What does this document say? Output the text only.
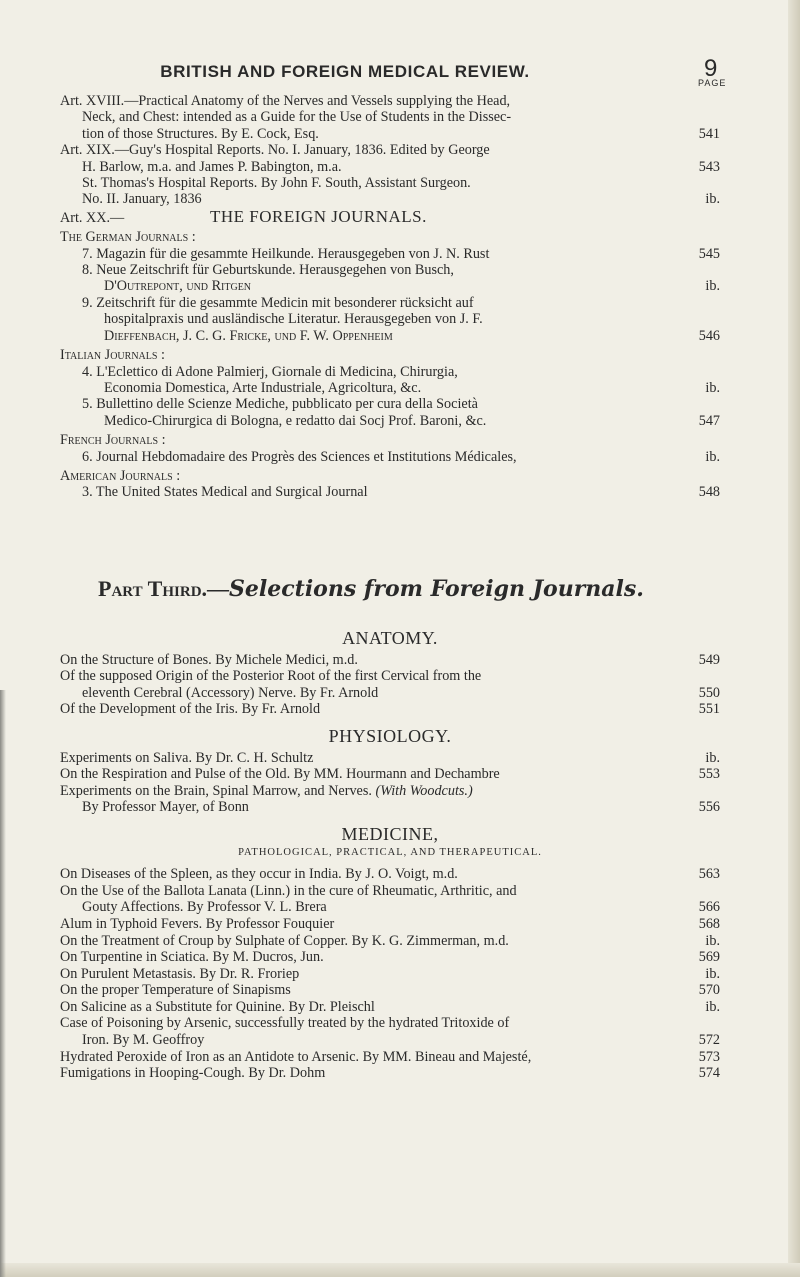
BRITISH AND FOREIGN MEDICAL REVIEW.	9
PAGE
Art. XVIII.—Practical Anatomy of the Nerves and Vessels supplying the Head,
Neck, and Chest: intended as a Guide for the Use of Students in the Dissec-
tion of those Structures. By E. Cock, Esq.	541
Art. XIX.—Guy's Hospital Reports. No. I. January, 1836. Edited by George
H. Barlow, m.a. and James P. Babington, m.a.	543
St. Thomas's Hospital Reports. By John F. South, Assistant Surgeon.
No. II. January, 1836	ib.
Art. XX.—	THE FOREIGN JOURNALS.
The German Journals :
7. Magazin für die gesammte Heilkunde. Herausgegeben von J. N. Rust	545
8. Neue Zeitschrift für Geburtskunde. Herausgegehen von Busch,
D'Outrepont, und Ritgen	ib.
9. Zeitschrift für die gesammte Medicin mit besonderer rücksicht auf
hospitalpraxis und ausländische Literatur. Herausgegeben von J. F.
Dieffenbach, J. C. G. Fricke, und F. W. Oppenheim	546
Italian Journals :
4. L'Eclettico di Adone Palmierj, Giornale di Medicina, Chirurgia,
Economia Domestica, Arte Industriale, Agricoltura, &c.	ib.
5. Bullettino delle Scienze Mediche, pubblicato per cura della Società
Medico-Chirurgica di Bologna, e redatto dai Socj Prof. Baroni, &c.	547
French Journals :
6. Journal Hebdomadaire des Progrès des Sciences et Institutions Médicales,	ib.
American Journals :
3. The United States Medical and Surgical Journal	548
Part Third.—Selections from Foreign Journals.
ANATOMY.
On the Structure of Bones. By Michele Medici, m.d.	549
Of the supposed Origin of the Posterior Root of the first Cervical from the
eleventh Cerebral (Accessory) Nerve. By Fr. Arnold	550
Of the Development of the Iris. By Fr. Arnold	551
PHYSIOLOGY.
Experiments on Saliva. By Dr. C. H. Schultz	ib.
On the Respiration and Pulse of the Old. By MM. Hourmann and Dechambre	553
Experiments on the Brain, Spinal Marrow, and Nerves. (With Woodcuts.)
By Professor Mayer, of Bonn	556
MEDICINE,
PATHOLOGICAL, PRACTICAL, AND THERAPEUTICAL.
On Diseases of the Spleen, as they occur in India. By J. O. Voigt, m.d.	563
On the Use of the Ballota Lanata (Linn.) in the cure of Rheumatic, Arthritic, and
Gouty Affections. By Professor V. L. Brera	566
Alum in Typhoid Fevers. By Professor Fouquier	568
On the Treatment of Croup by Sulphate of Copper. By K. G. Zimmerman, m.d.	ib.
On Turpentine in Sciatica. By M. Ducros, Jun.	569
On Purulent Metastasis. By Dr. R. Froriep	ib.
On the proper Temperature of Sinapisms	570
On Salicine as a Substitute for Quinine. By Dr. Pleischl	ib.
Case of Poisoning by Arsenic, successfully treated by the hydrated Tritoxide of
Iron. By M. Geoffroy	572
Hydrated Peroxide of Iron as an Antidote to Arsenic. By MM. Bineau and Majesté,	573
Fumigations in Hooping-Cough. By Dr. Dohm	574
